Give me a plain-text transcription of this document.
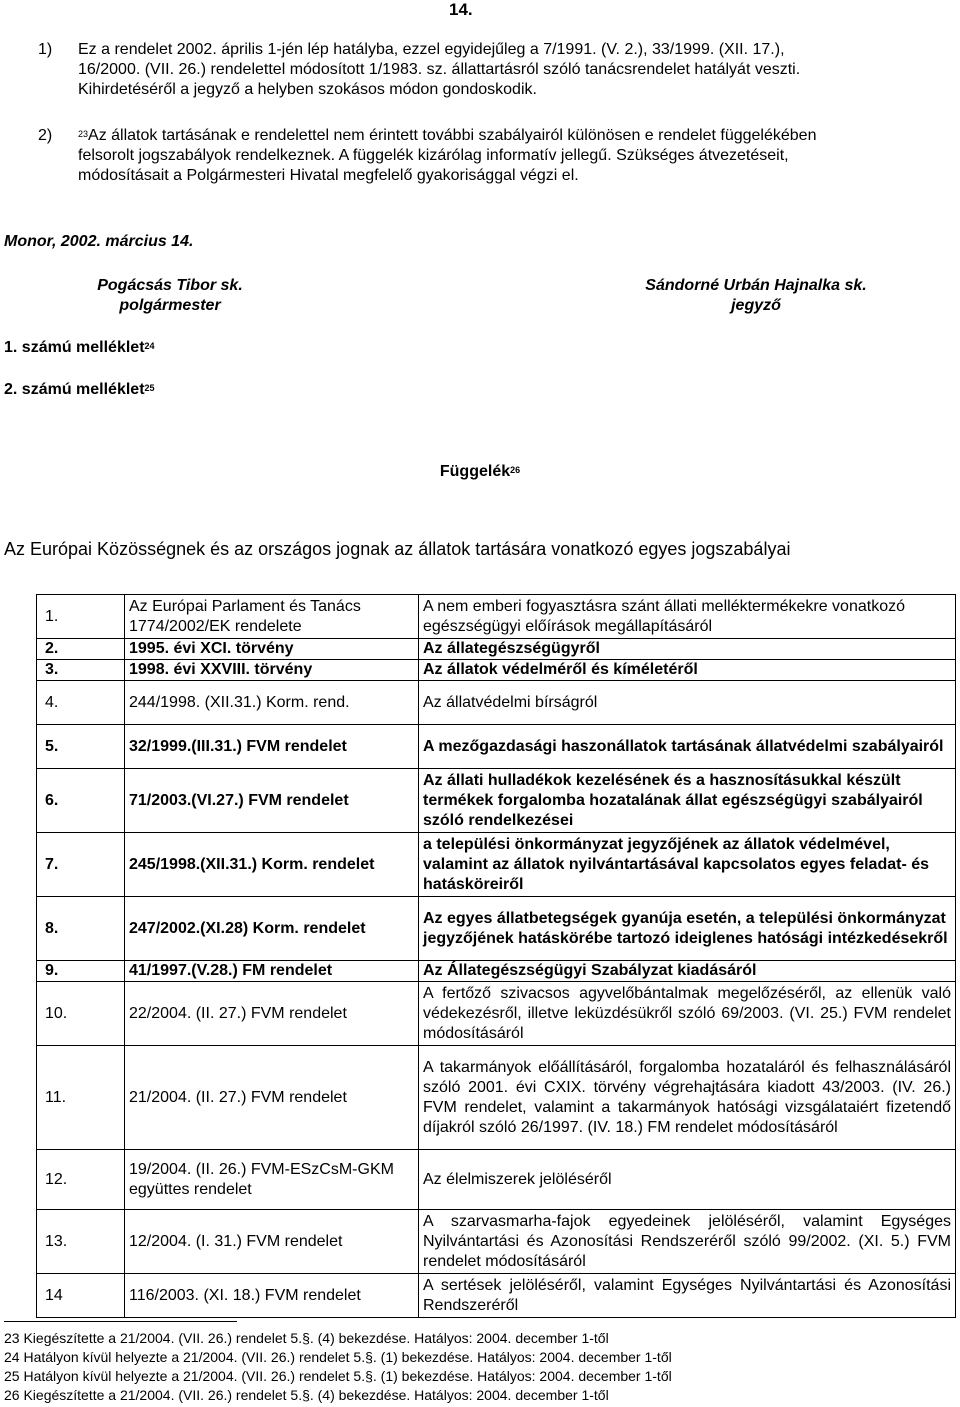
14.
1) Ez a rendelet 2002. április 1-jén lép hatályba, ezzel egyidejűleg a 7/1991. (V. 2.), 33/1999. (XII. 17.),
16/2000. (VII. 26.) rendelettel módosított 1/1983. sz. állattartásról szóló tanácsrendelet hatályát veszti.
Kihirdetéséről a jegyző a helyben szokásos módon gondoskodik.
2)	$^{23}$Az állatok tartásának e rendelettel nem érintett további szabályairól különösen e rendelet függelékében
felsorolt jogszabályok rendelkeznek. A függelék kizárólag informatív jellegű. Szükséges átvezetéseit,
módosításait a Polgármesteri Hivatal megfelelő gyakorisággal végzi el.
Monor, 2002. március 14.
Pogácsás Tibor sk.
polgármester
Sándorné Urbán Hajnalka sk.
jegyző
1. számú melléklet$^{24}$
2. számú melléklet$^{25}$
Függelék$^{26}$
Az Európai Közösségnek és az országos jognak az állatok tartására vonatkozó egyes jogszabályai
1.	Az Európai Parlament és Tanács 1774/2002/EK rendelete	A nem emberi fogyasztásra szánt állati melléktermékekre vonatkozó egészségügyi előírások megállapításáról
2.	1995. évi XCI. törvény	Az állategészségügyről
3.	1998. évi XXVIII. törvény	Az állatok védelméről és kíméletéről
4.	244/1998. (XII.31.) Korm. rend.	Az állatvédelmi bírságról
5.	32/1999.(III.31.) FVM rendelet	A mezőgazdasági haszonállatok tartásának állatvédelmi szabályairól
6.	71/2003.(VI.27.) FVM rendelet	Az állati hulladékok kezelésének és a hasznosításukkal készült termékek forgalomba hozatalának állat egészségügyi szabályairól szóló rendelkezései
7.	245/1998.(XII.31.) Korm. rendelet	a települési önkormányzat jegyzőjének az állatok védelmével, valamint az állatok nyilvántartásával kapcsolatos egyes feladat- és hatásköreiről
8.	247/2002.(XI.28) Korm. rendelet	Az egyes állatbetegségek gyanúja esetén, a települési önkormányzat jegyzőjének hatáskörébe tartozó ideiglenes hatósági intézkedésekről
9.	41/1997.(V.28.) FM rendelet	Az Állategészségügyi Szabályzat kiadásáról
10.	22/2004. (II. 27.) FVM rendelet	A fertőző szivacsos agyvelőbántalmak megelőzéséről, az ellenük való védekezésről, illetve leküzdésükről szóló 69/2003. (VI. 25.) FVM rendelet módosításáról
11.	21/2004. (II. 27.) FVM rendelet	A takarmányok előállításáról, forgalomba hozataláról és felhasználásáról szóló 2001. évi CXIX. törvény végrehajtására kiadott 43/2003. (IV. 26.) FVM rendelet, valamint a takarmányok hatósági vizsgálataiért fizetendő díjakról szóló 26/1997. (IV. 18.) FM rendelet módosításáról
12.	19/2004. (II. 26.) FVM-ESzCsM-GKM együttes rendelet	Az élelmiszerek jelöléséről
13.	12/2004. (I. 31.) FVM rendelet	A szarvasmarha-fajok egyedeinek jelöléséről, valamint Egységes Nyilvántartási és Azonosítási Rendszeréről szóló 99/2002. (XI. 5.) FVM rendelet módosításáról
14	116/2003. (XI. 18.) FVM rendelet	A sertések jelöléséről, valamint Egységes Nyilvántartási és Azonosítási Rendszeréről
23 Kiegészítette a 21/2004. (VII. 26.) rendelet 5.§. (4) bekezdése. Hatályos: 2004. december 1-től
24 Hatályon kívül helyezte a 21/2004. (VII. 26.) rendelet 5.§. (1) bekezdése. Hatályos: 2004. december 1-től
25 Hatályon kívül helyezte a 21/2004. (VII. 26.) rendelet 5.§. (1) bekezdése. Hatályos: 2004. december 1-től
26 Kiegészítette a 21/2004. (VII. 26.) rendelet 5.§. (4) bekezdése. Hatályos: 2004. december 1-től
